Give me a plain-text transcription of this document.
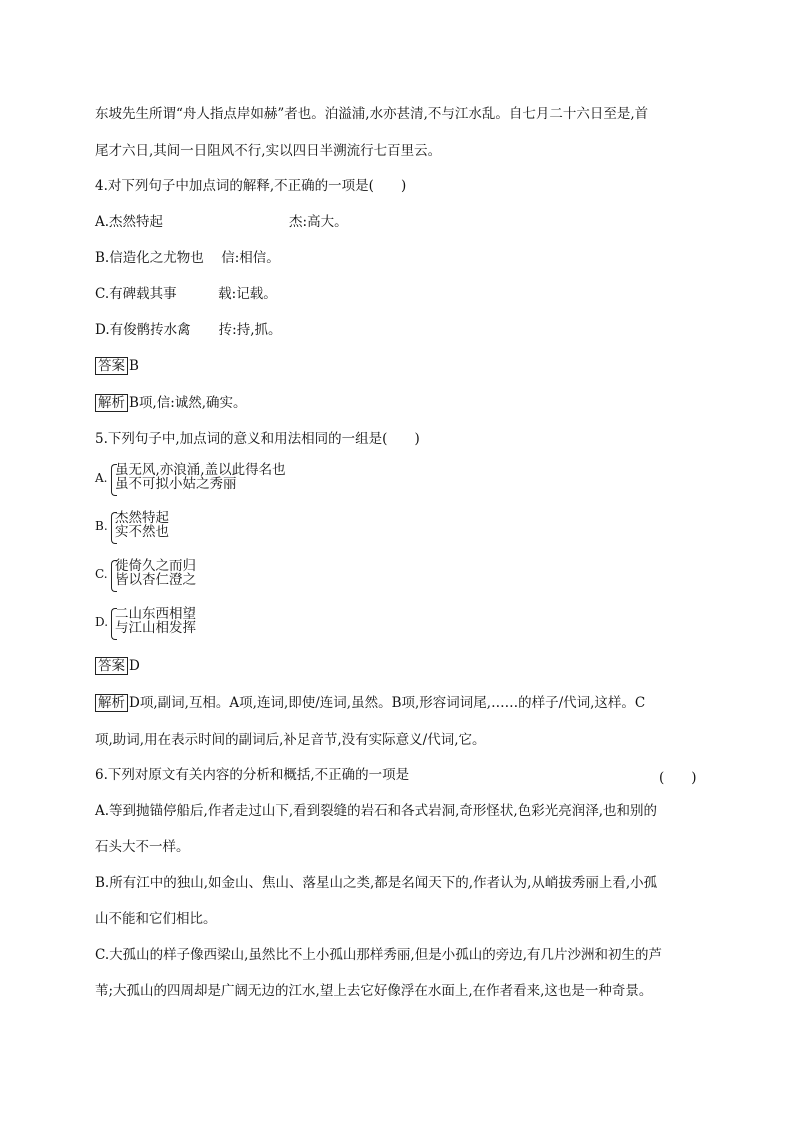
东坡先生所谓“舟人指点岸如赫”者也。泊溢浦,水亦甚清,不与江水乱。自七月二十六日至是,首
尾才六日,其间一日阻风不行,实以四日半溯流行七百里云。
4.对下列句子中加点词的解释,不正确的一项是(　　)
A.杰然特起	杰:高大。
B.信造化之尤物也 信:相信。
C.有碑载其事	载:记载。
D.有俊鹘抟水禽 抟:持,抓。
答案 B
解析 B项,信:诚然,确实。
5.下列句子中,加点词的意义和用法相同的一组是(　　)
A. 虽无风,亦浪涌,盖以此得名也
虽不可拟小姑之秀丽
B. 杰然特起
实不然也
C. 徙倚久之而归
皆以杏仁澄之
D. 二山东西相望
与江山相发挥
答案 D
解析 D项,副词,互相。A项,连词,即使/连词,虽然。B项,形容词词尾,……的样子/代词,这样。C
项,助词,用在表示时间的副词后,补足音节,没有实际意义/代词,它。
6.下列对原文有关内容的分析和概括,不正确的一项是	(　　)
A.等到抛锚停船后,作者走过山下,看到裂缝的岩石和各式岩洞,奇形怪状,色彩光亮润泽,也和别的
石头大不一样。
B.所有江中的独山,如金山、焦山、落星山之类,都是名闻天下的,作者认为,从峭拔秀丽上看,小孤
山不能和它们相比。
C.大孤山的样子像西梁山,虽然比不上小孤山那样秀丽,但是小孤山的旁边,有几片沙洲和初生的芦
苇;大孤山的四周却是广阔无边的江水,望上去它好像浮在水面上,在作者看来,这也是一种奇景。
